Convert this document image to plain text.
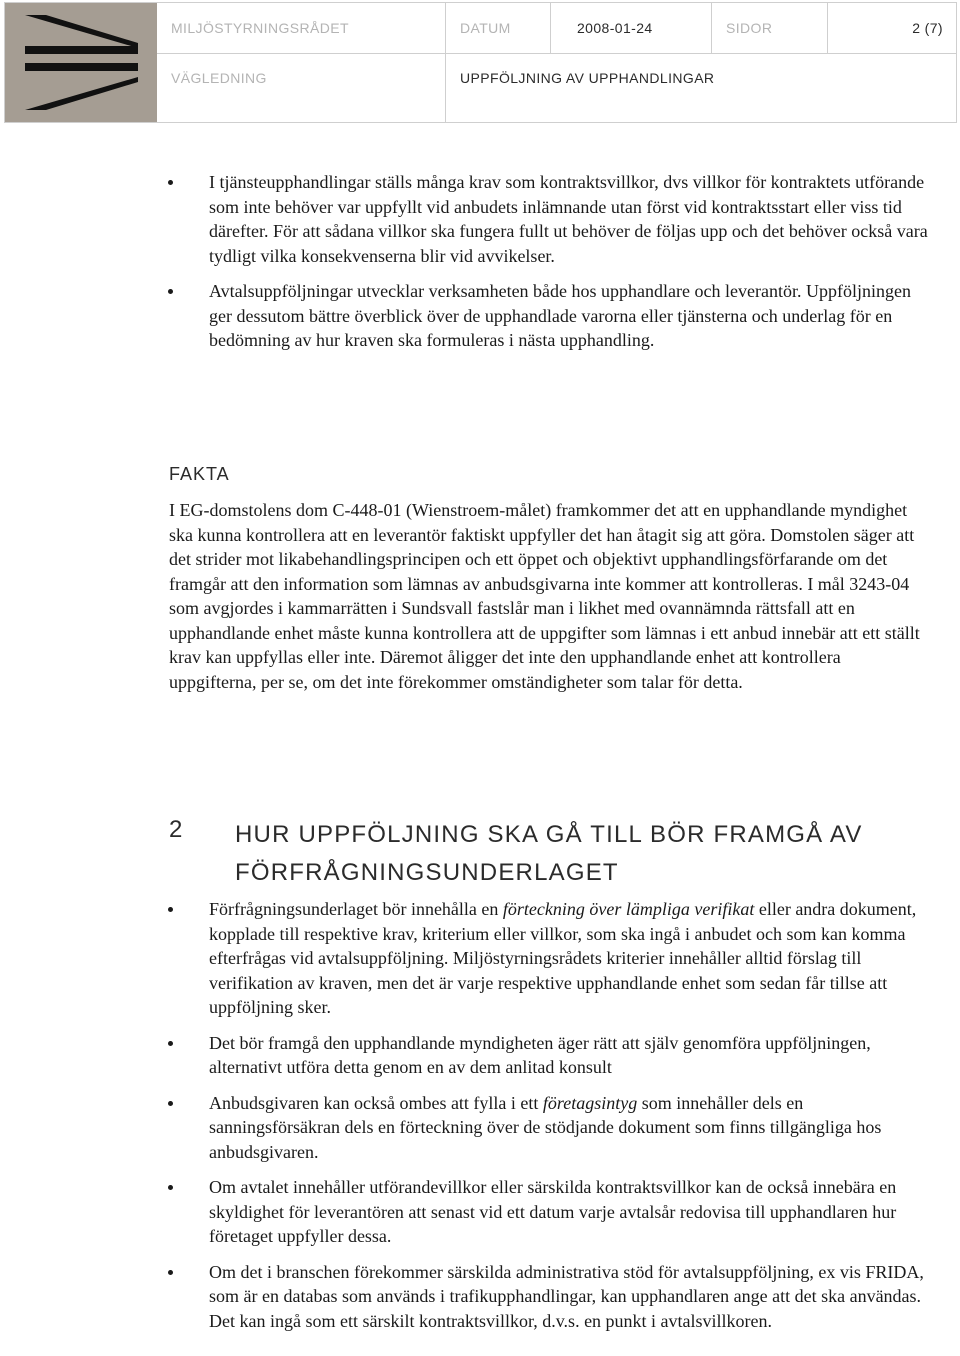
MILJÖSTYRNINGSRÅDET	DATUM	2008-01-24	SIDOR	2 (7)
VÄGLEDNING	UPPFÖLJNING AV UPPHANDLINGAR
I tjänsteupphandlingar ställs många krav som kontraktsvillkor, dvs villkor för kontraktets utförande som inte behöver var uppfyllt vid anbudets inlämnande utan först vid kontraktsstart eller viss tid därefter. För att sådana villkor ska fungera fullt ut behöver de följas upp och det behöver också vara tydligt vilka konsekvenserna blir vid avvikelser.
Avtalsuppföljningar utvecklar verksamheten både hos upphandlare och leverantör. Uppföljningen ger dessutom bättre överblick över de upphandlade varorna eller tjänsterna och underlag för en bedömning av hur kraven ska formuleras i nästa upphandling.
FAKTA
I EG-domstolens dom C-448-01 (Wienstroem-målet) framkommer det att en upphandlande myndighet ska kunna kontrollera att en leverantör faktiskt uppfyller det han åtagit sig att göra. Domstolen säger att det strider mot likabehandlingsprincipen och ett öppet och objektivt upphandlingsförfarande om det framgår att den information som lämnas av anbudsgivarna inte kommer att kontrolleras. I mål 3243-04 som avgjordes i kammarrätten i Sundsvall fastslår man i likhet med ovannämnda rättsfall att en upphandlande enhet måste kunna kontrollera att de uppgifter som lämnas i ett anbud innebär att ett ställt krav kan uppfyllas eller inte. Däremot åligger det inte den upphandlande enhet att kontrollera uppgifterna, per se, om det inte förekommer omständigheter som talar för detta.
2 HUR UPPFÖLJNING SKA GÅ TILL BÖR FRAMGÅ AV
FÖRFRÅGNINGSUNDERLAGET
Förfrågningsunderlaget bör innehålla en förteckning över lämpliga verifikat eller andra dokument, kopplade till respektive krav, kriterium eller villkor, som ska ingå i anbudet och som kan komma efterfrågas vid avtalsuppföljning. Miljöstyrningsrådets kriterier innehåller alltid förslag till verifikation av kraven, men det är varje respektive upphandlande enhet som sedan får tillse att uppföljning sker.
Det bör framgå den upphandlande myndigheten äger rätt att själv genomföra uppföljningen, alternativt utföra detta genom en av dem anlitad konsult
Anbudsgivaren kan också ombes att fylla i ett företagsintyg som innehåller dels en sanningsförsäkran dels en förteckning över de stödjande dokument som finns tillgängliga hos anbudsgivaren.
Om avtalet innehåller utförandevillkor eller särskilda kontraktsvillkor kan de också innebära en skyldighet för leverantören att senast vid ett datum varje avtalsår redovisa till upphandlaren hur företaget uppfyller dessa.
Om det i branschen förekommer särskilda administrativa stöd för avtalsuppföljning, ex vis FRIDA, som är en databas som används i trafikupphandlingar, kan upphandlaren ange att det ska användas. Det kan ingå som ett särskilt kontraktsvillkor, d.v.s. en punkt i avtalsvillkoren.
